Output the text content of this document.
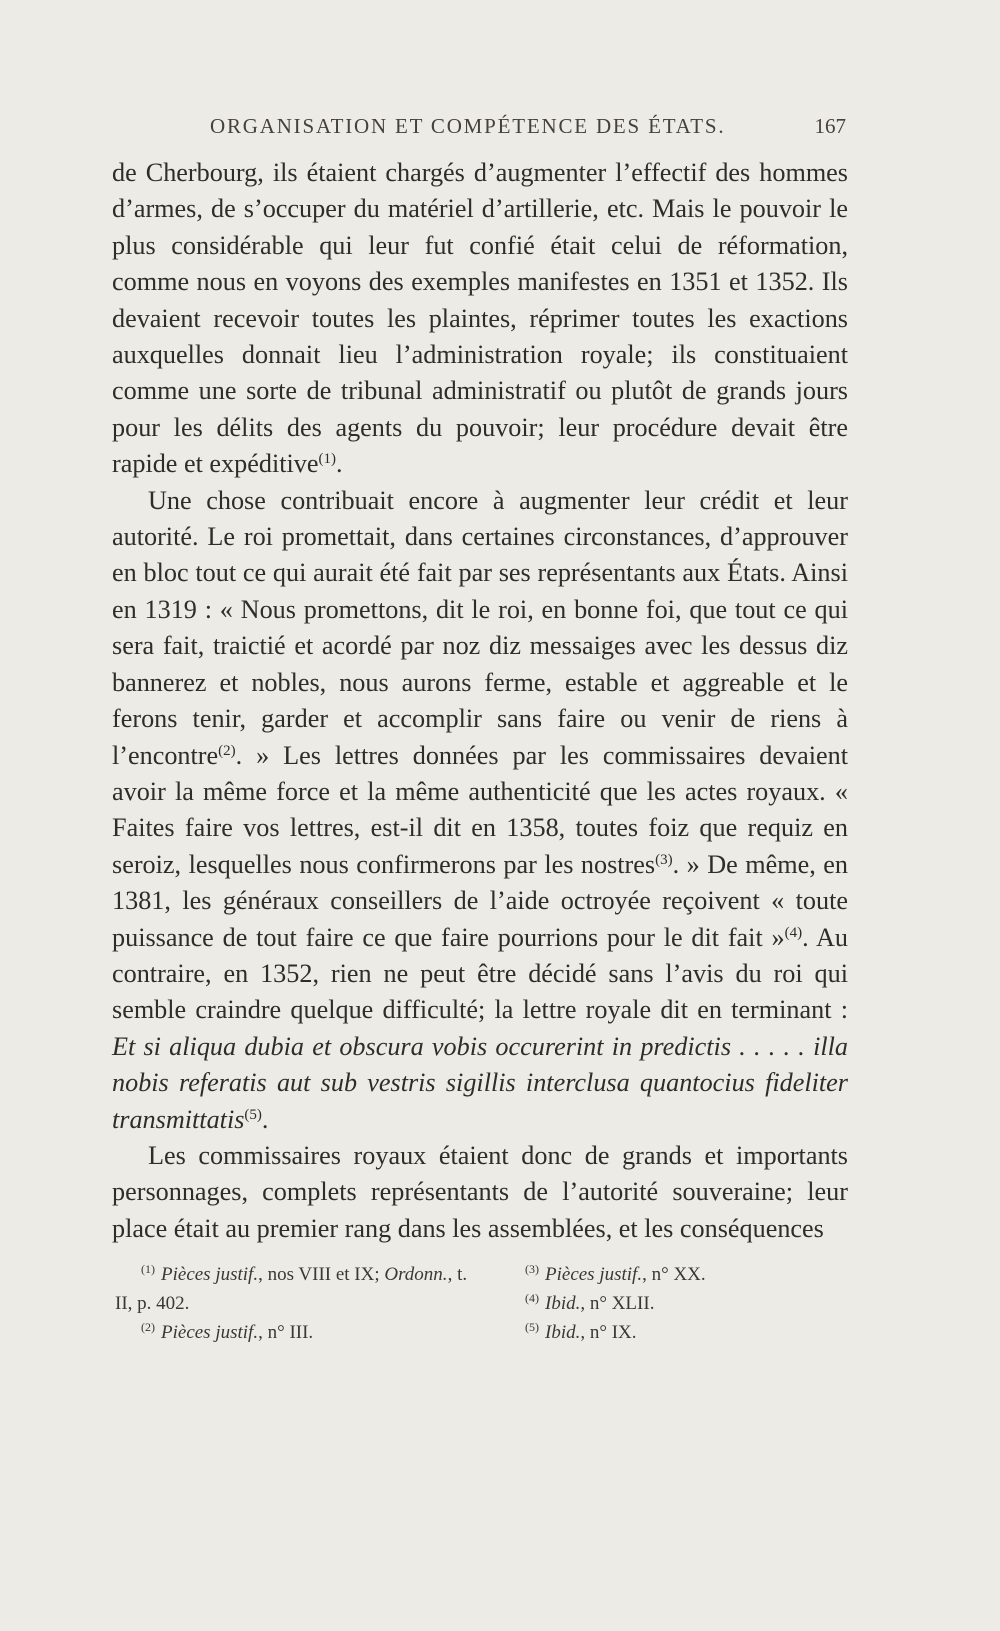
ORGANISATION ET COMPÉTENCE DES ÉTATS.	167

de Cherbourg, ils étaient chargés d’augmenter l’effectif des hommes d’armes, de s’occuper du matériel d’artillerie, etc. Mais le pouvoir le plus considérable qui leur fut confié était celui de réformation, comme nous en voyons des exemples manifestes en 1351 et 1352. Ils devaient recevoir toutes les plaintes, réprimer toutes les exactions auxquelles donnait lieu l’administration royale; ils constituaient comme une sorte de tribunal administratif ou plutôt de grands jours pour les délits des agents du pouvoir; leur procédure devait être rapide et expéditive$^{(1)}$.

Une chose contribuait encore à augmenter leur crédit et leur autorité. Le roi promettait, dans certaines circonstances, d’approuver en bloc tout ce qui aurait été fait par ses représentants aux États. Ainsi en 1319 : « Nous promettons, dit le roi, en bonne foi, que tout ce qui sera fait, traictié et acordé par noz diz messaiges avec les dessus diz bannerez et nobles, nous aurons ferme, estable et aggreable et le ferons tenir, garder et accomplir sans faire ou venir de riens à l’encontre$^{(2)}$. » Les lettres données par les commissaires devaient avoir la même force et la même authenticité que les actes royaux. « Faites faire vos lettres, est-il dit en 1358, toutes foiz que requiz en seroiz, lesquelles nous confirmerons par les nostres$^{(3)}$. » De même, en 1381, les généraux conseillers de l’aide octroyée reçoivent « toute puissance de tout faire ce que faire pourrions pour le dit fait »$^{(4)}$. Au contraire, en 1352, rien ne peut être décidé sans l’avis du roi qui semble craindre quelque difficulté; la lettre royale dit en terminant : Et si aliqua dubia et obscura vobis occurerint in predictis . . . . . illa nobis referatis aut sub vestris sigillis interclusa quantocius fideliter transmittatis$^{(5)}$.

Les commissaires royaux étaient donc de grands et importants personnages, complets représentants de l’autorité souveraine; leur place était au premier rang dans les assemblées, et les conséquences

$^{(1)}$ Pièces justif., nos VIII et IX; Ordonn., t. II, p. 402.

$^{(2)}$ Pièces justif., n° III.

$^{(3)}$ Pièces justif., n° XX.

$^{(4)}$ Ibid., n° XLII.

$^{(5)}$ Ibid., n° IX.
